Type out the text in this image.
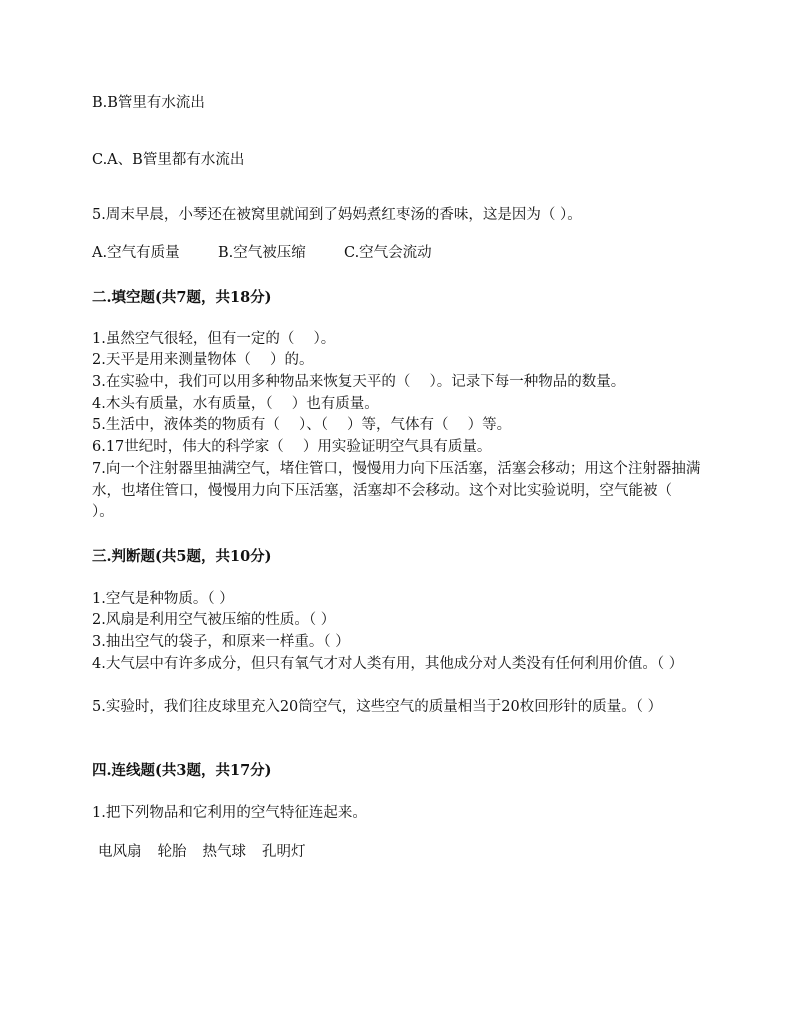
B.B管里有水流出
C.A、B管里都有水流出
5.周末早晨，小琴还在被窝里就闻到了妈妈煮红枣汤的香味，这是因为（ ）。
A.空气有质量	B.空气被压缩	C.空气会流动
二.填空题(共7题，共18分)
1.虽然空气很轻，但有一定的（　 ）。
2.天平是用来测量物体（　 ）的。
3.在实验中，我们可以用多种物品来恢复天平的（　 ）。记录下每一种物品的数量。
4.木头有质量，水有质量，（　 ）也有质量。
5.生活中，液体类的物质有（　 ）、（　 ）等，气体有（　 ）等。
6.17世纪时，伟大的科学家（　 ）用实验证明空气具有质量。
7.向一个注射器里抽满空气，堵住管口，慢慢用力向下压活塞，活塞会移动；用这个注射器抽满水，也堵住管口，慢慢用力向下压活塞，活塞却不会移动。这个对比实验说明，空气能被（　 ）。
三.判断题(共5题，共10分)
1.空气是种物质。（ ）
2.风扇是利用空气被压缩的性质。（ ）
3.抽出空气的袋子，和原来一样重。（ ）
4.大气层中有许多成分，但只有氧气才对人类有用，其他成分对人类没有任何利用价值。（ ）
5.实验时，我们往皮球里充入20筒空气，这些空气的质量相当于20枚回形针的质量。（ ）
四.连线题(共3题，共17分)
1.把下列物品和它利用的空气特征连起来。
电风扇 轮胎 热气球 孔明灯
